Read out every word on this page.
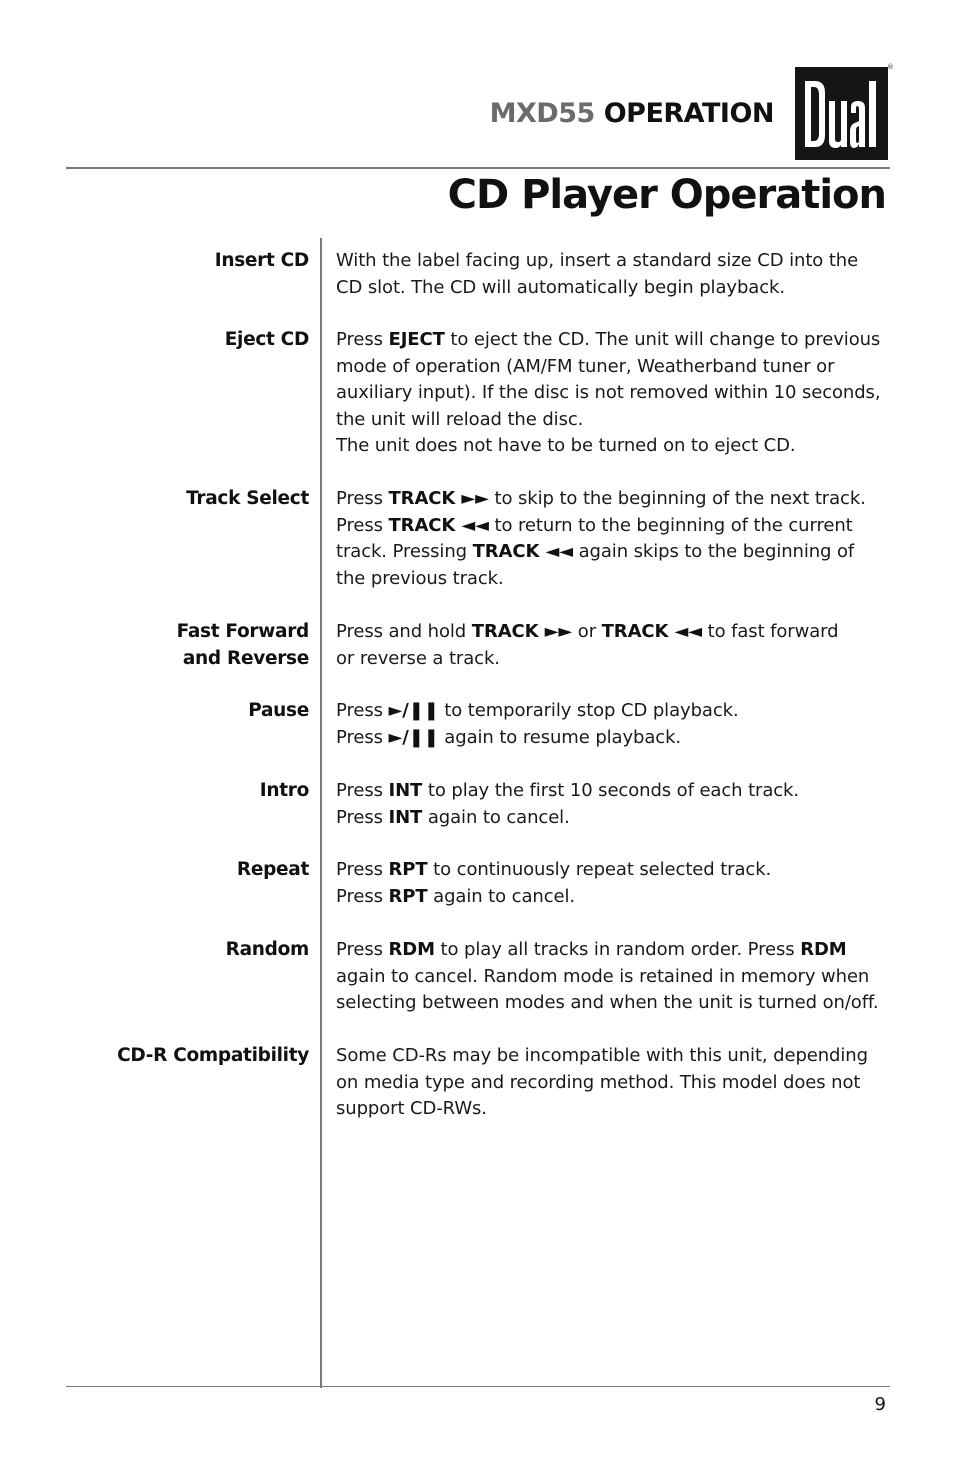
MXD55 OPERATION
®
CD Player Operation
Insert CD With the label facing up, insert a standard size CD into the
CD slot. The CD will automatically begin playback.
Eject CD Press EJECT to eject the CD. The unit will change to previous
mode of operation (AM/FM tuner, Weatherband tuner or
auxiliary input). If the disc is not removed within 10 seconds,
the unit will reload the disc.
The unit does not have to be turned on to eject CD.
Track Select Press TRACK ►► to skip to the beginning of the next track.
Press TRACK ◄◄ to return to the beginning of the current
track. Pressing TRACK ◄◄ again skips to the beginning of
the previous track.
Fast Forward
and Reverse
Press and hold TRACK ►► or TRACK ◄◄ to fast forward
or reverse a track.
Pause Press ►/❚❚ to temporarily stop CD playback.
Press ►/❚❚ again to resume playback.
Intro Press INT to play the first 10 seconds of each track.
Press INT again to cancel.
Repeat Press RPT to continuously repeat selected track.
Press RPT again to cancel.
Random Press RDM to play all tracks in random order. Press RDM
again to cancel. Random mode is retained in memory when
selecting between modes and when the unit is turned on/off.
CD-R Compatibility Some CD-Rs may be incompatible with this unit, depending
on media type and recording method. This model does not
support CD-RWs.
9
